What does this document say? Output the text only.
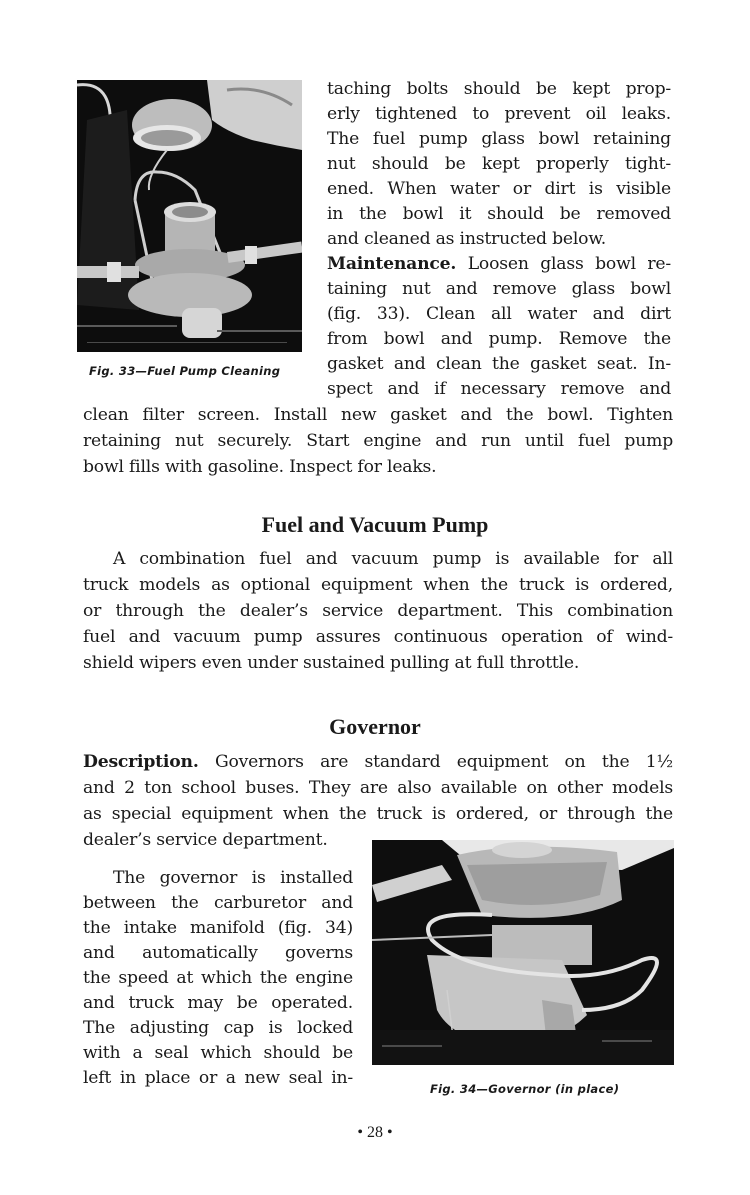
Fig. 33—Fuel Pump Cleaning
taching bolts should be kept prop-
erly tightened to prevent oil leaks.
The fuel pump glass bowl retaining
nut should be kept properly tight-
ened. When water or dirt is visible
in the bowl it should be removed
and cleaned as instructed below.
Maintenance. Loosen glass bowl re-
taining nut and remove glass bowl
(fig. 33). Clean all water and dirt
from bowl and pump. Remove the
gasket and clean the gasket seat. In-
spect and if necessary remove and
clean filter screen. Install new gasket and the bowl. Tighten
retaining nut securely. Start engine and run until fuel pump
bowl fills with gasoline. Inspect for leaks.
Fuel and Vacuum Pump
A combination fuel and vacuum pump is available for all
truck models as optional equipment when the truck is ordered,
or through the dealer’s service department. This combination
fuel and vacuum pump assures continuous operation of wind-
shield wipers even under sustained pulling at full throttle.
Governor
Description. Governors are standard equipment on the 1½
and 2 ton school buses. They are also available on other models
as special equipment when the truck is ordered, or through the
dealer’s service department.
The governor is installed
between the carburetor and
the intake manifold (fig. 34)
and automatically governs
the speed at which the engine
and truck may be operated.
The adjusting cap is locked
with a seal which should be
left in place or a new seal in-
Fig. 34—Governor (in place)
• 28 •
